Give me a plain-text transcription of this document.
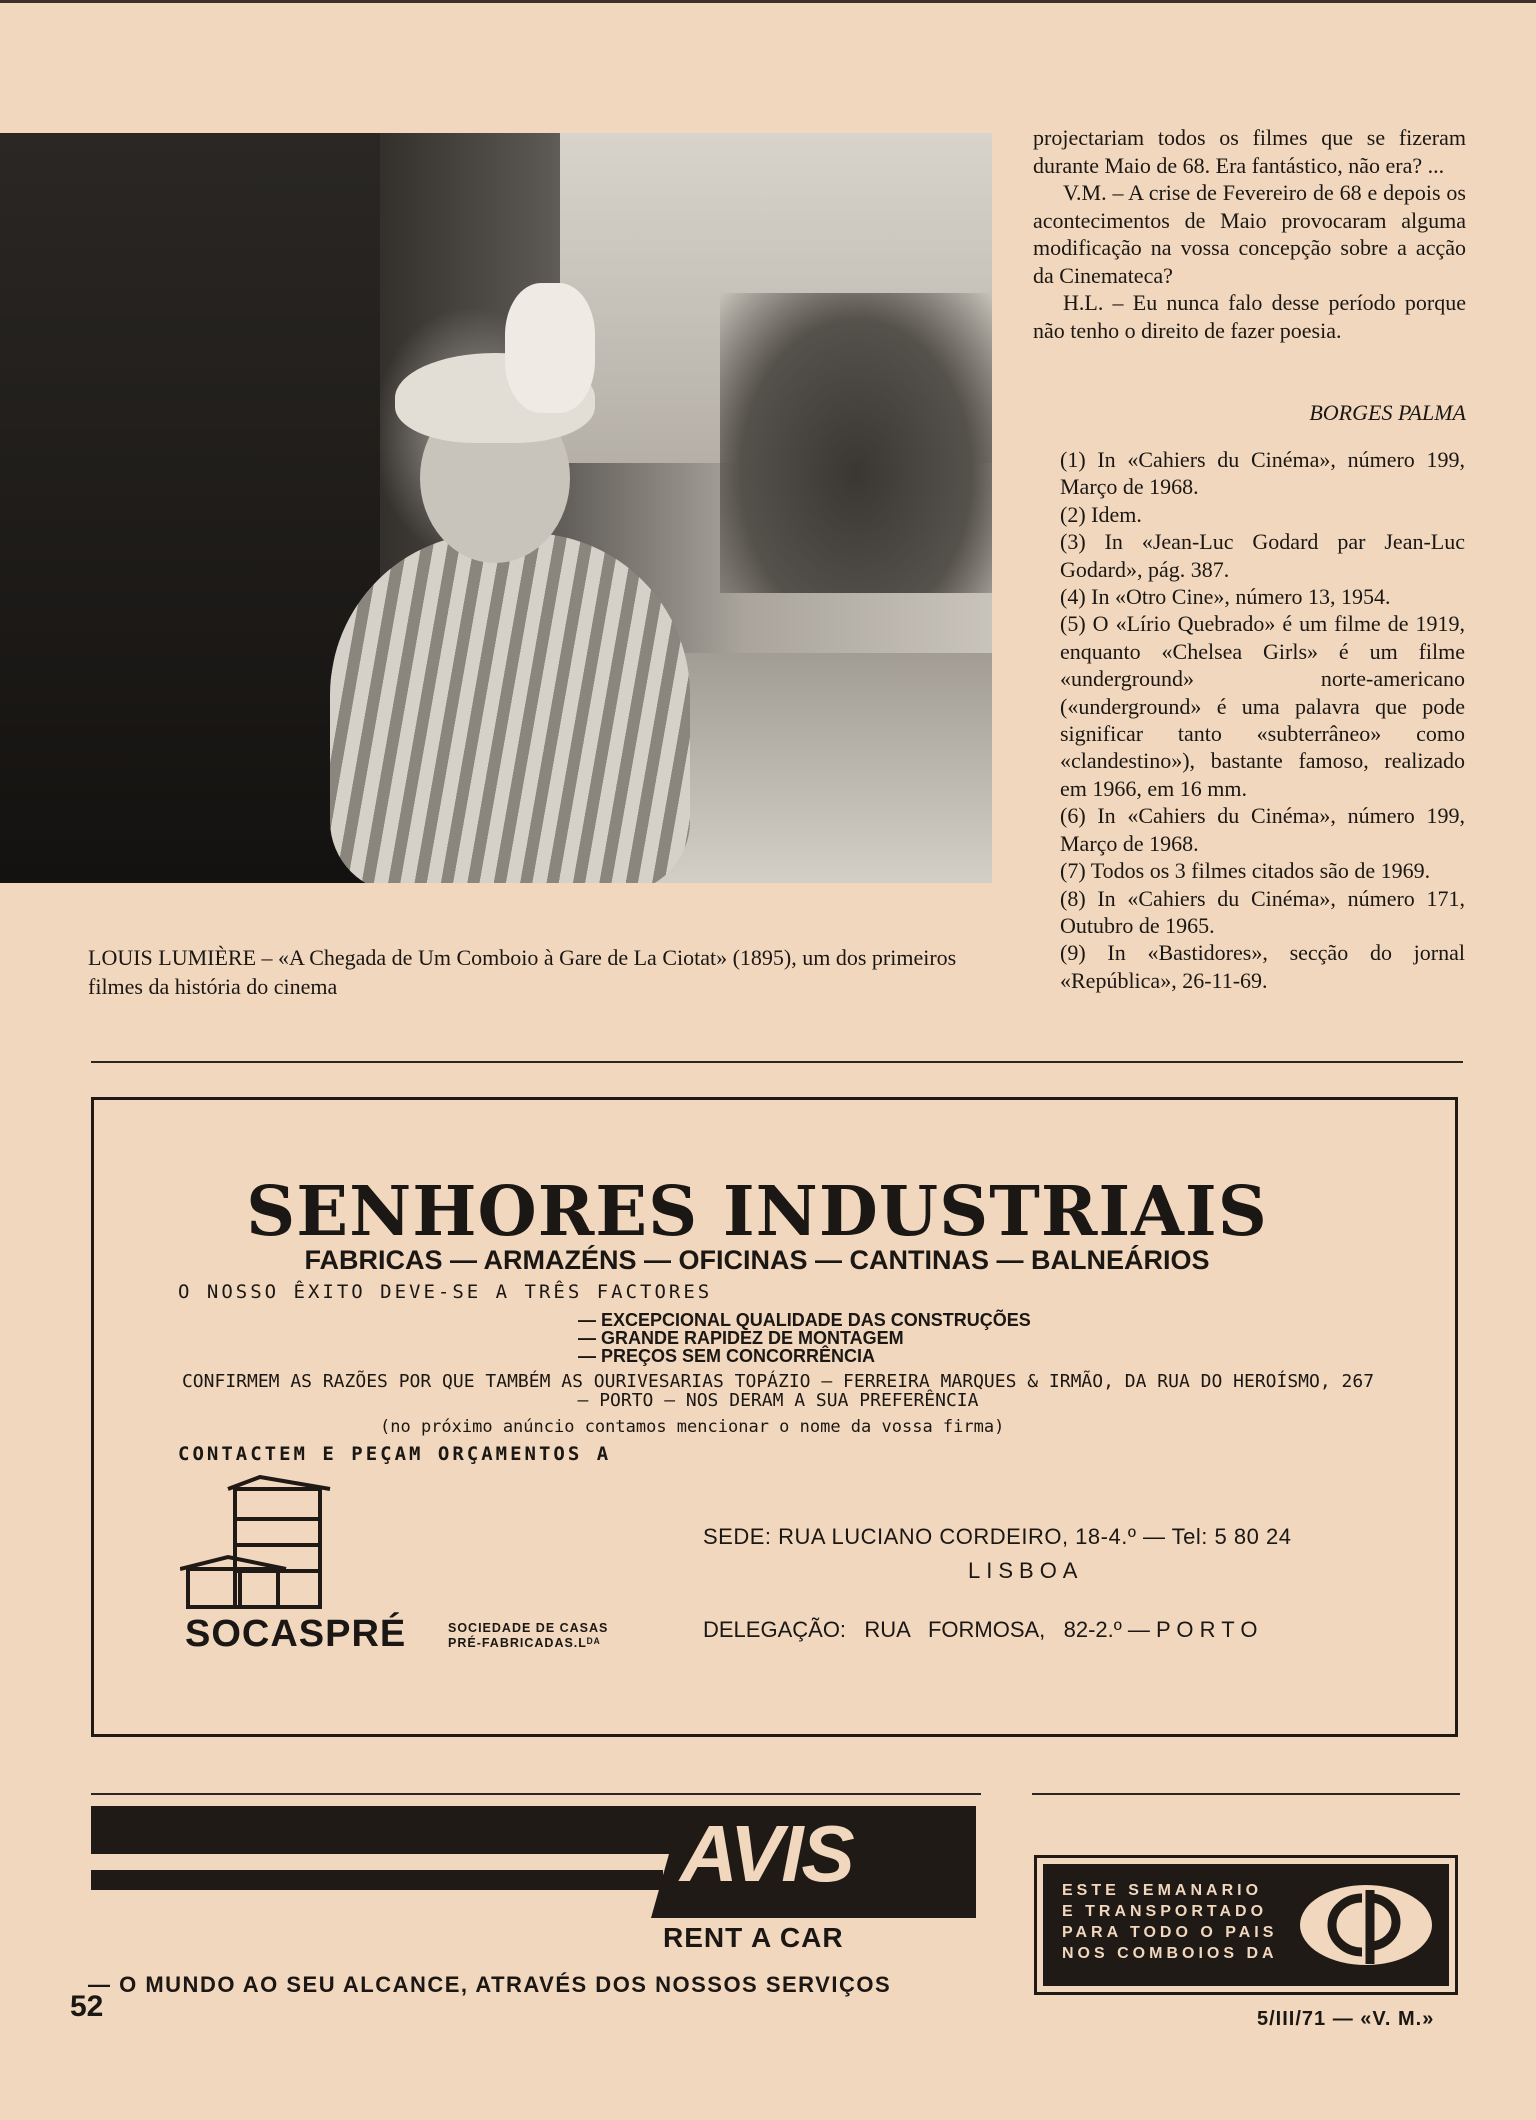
LOUIS LUMIÈRE – «A Chegada de Um Comboio à Gare de La Ciotat» (1895), um dos primeiros filmes da história do cinema

projectariam todos os filmes que se fizeram durante Maio de 68. Era fantástico, não era? ...

V.M. – A crise de Fevereiro de 68 e depois os acontecimentos de Maio provocaram alguma modificação na vossa concepção sobre a acção da Cinemateca?

H.L. – Eu nunca falo desse período porque não tenho o direito de fazer poesia.

BORGES PALMA
(1) In «Cahiers du Cinéma», número 199, Março de 1968.
(2) Idem.
(3) In «Jean-Luc Godard par Jean-Luc Godard», pág. 387.
(4) In «Otro Cine», número 13, 1954.
(5) O «Lírio Quebrado» é um filme de 1919, enquanto «Chelsea Girls» é um filme «underground» norte-americano («underground» é uma palavra que pode significar tanto «subterrâneo» como «clandestino»), bastante famoso, realizado em 1966, em 16 mm.
(6) In «Cahiers du Cinéma», número 199, Março de 1968.
(7) Todos os 3 filmes citados são de 1969.
(8) In «Cahiers du Cinéma», número 171, Outubro de 1965.
(9) In «Bastidores», secção do jornal «República», 26-11-69.
SENHORES INDUSTRIAIS
FABRICAS — ARMAZÉNS — OFICINAS — CANTINAS — BALNEÁRIOS
O NOSSO ÊXITO DEVE-SE A TRÊS FACTORES
— EXCEPCIONAL QUALIDADE DAS CONSTRUÇÕES
— GRANDE RAPIDEZ DE MONTAGEM
— PREÇOS SEM CONCORRÊNCIA
CONFIRMEM AS RAZÕES POR QUE TAMBÉM AS OURIVESARIAS TOPÁZIO — FERREIRA MARQUES & IRMÃO, DA RUA DO HEROÍSMO, 267 — PORTO — NOS DERAM A SUA PREFERÊNCIA
(no próximo anúncio contamos mencionar o nome da vossa firma)
CONTACTEM E PEÇAM ORÇAMENTOS A
SOCASPRÉ	SOCIEDADE DE CASAS
PRÉ-FABRICADAS.Lᴰᴬ
SEDE: RUA LUCIANO CORDEIRO, 18-4.º — Tel: 5 80 24
LISBOA
DELEGAÇÃO:   RUA   FORMOSA,   82-2.º — P O R T O
AVIS
RENT A CAR
— O MUNDO AO SEU ALCANCE, ATRAVÉS DOS NOSSOS SERVIÇOS
ESTE SEMANARIO
E TRANSPORTADO
PARA TODO O PAIS
NOS COMBOIOS DA
52	5/III/71 — «V. M.»
